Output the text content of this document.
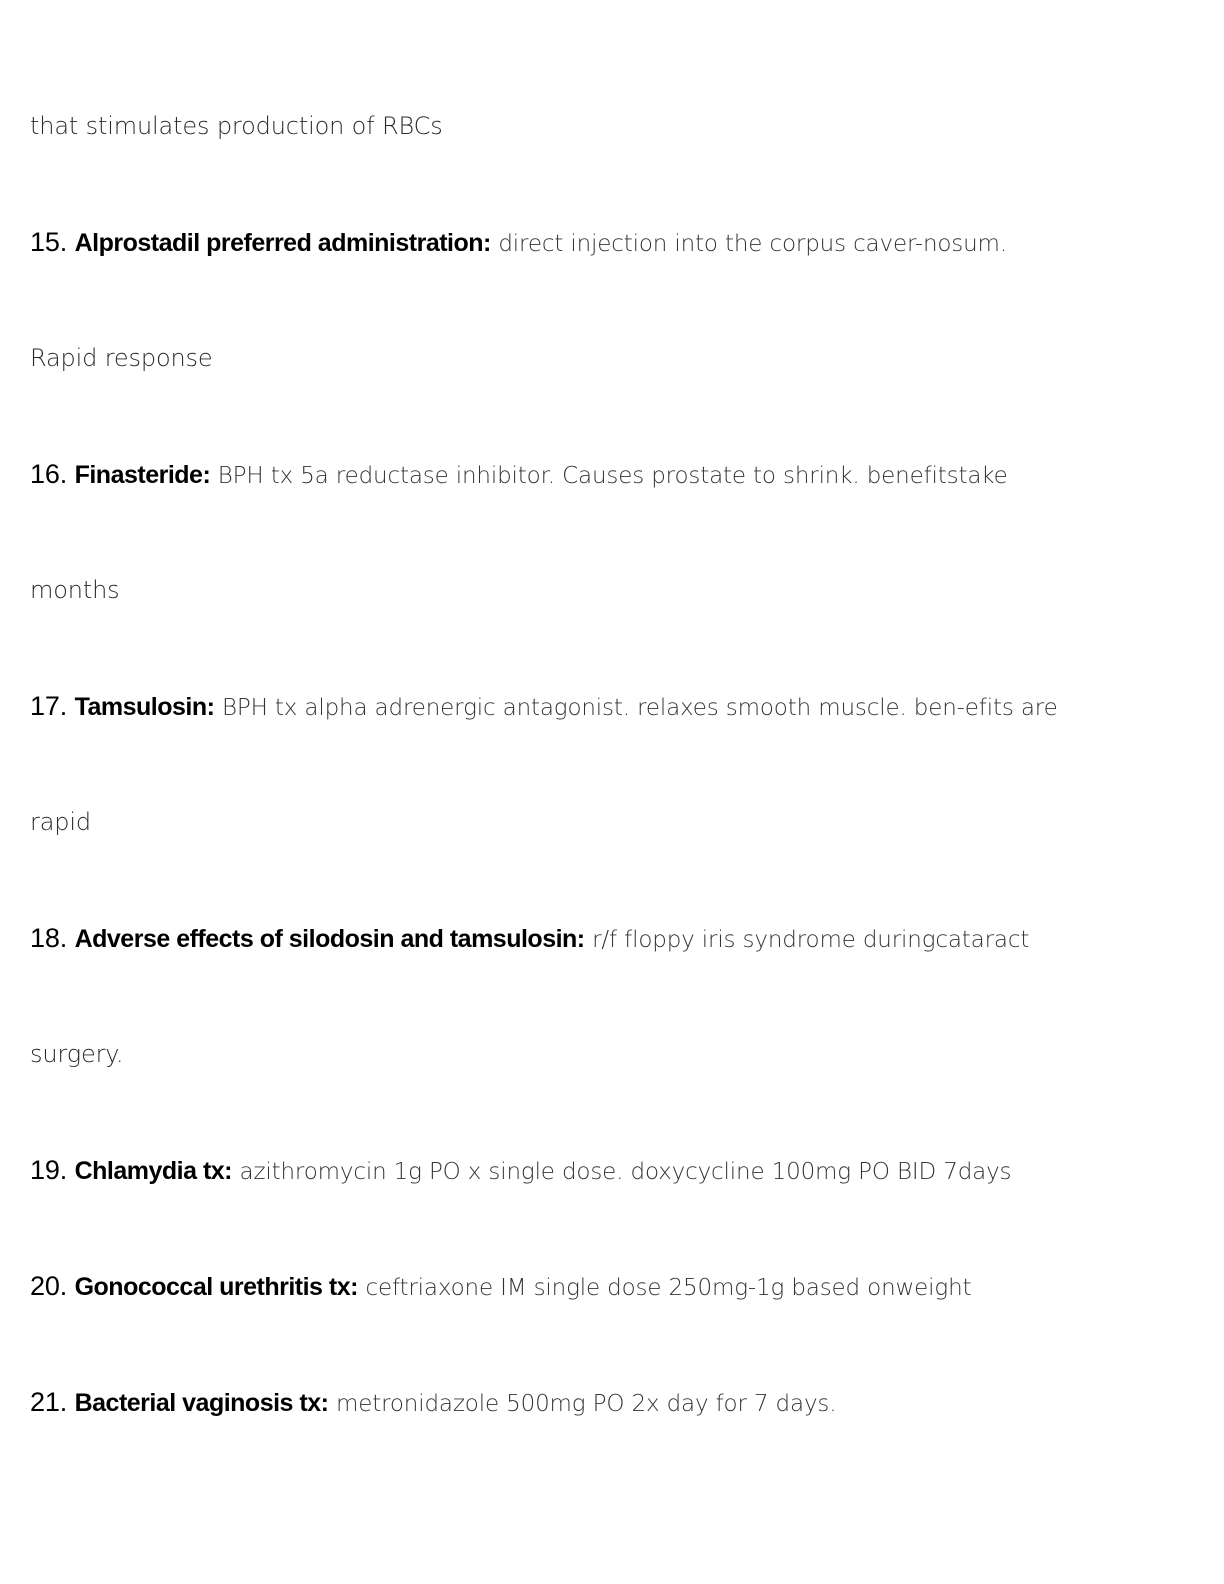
that stimulates production of RBCs
15. Alprostadil preferred administration: direct injection into the corpus caver-nosum.
Rapid response
16. Finasteride: BPH tx 5a reductase inhibitor. Causes prostate to shrink. benefitstake
months
17. Tamsulosin: BPH tx alpha adrenergic antagonist. relaxes smooth muscle. ben-efits are
rapid
18. Adverse effects of silodosin and tamsulosin: r/f floppy iris syndrome duringcataract
surgery.
19. Chlamydia tx: azithromycin 1g PO x single dose. doxycycline 100mg PO BID 7days
20. Gonococcal urethritis tx: ceftriaxone IM single dose 250mg-1g based onweight
21. Bacterial vaginosis tx: metronidazole 500mg PO 2x day for 7 days.
